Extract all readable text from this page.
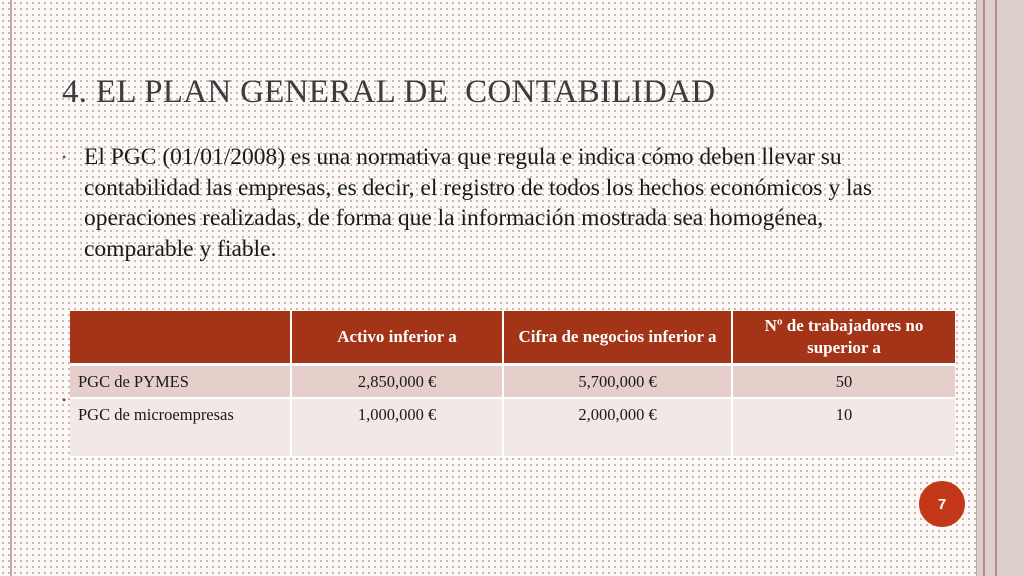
4. EL PLAN GENERAL DE  CONTABILIDAD
• El PGC (01/01/2008) es una normativa que regula e indica cómo deben llevar su contabilidad las empresas, es decir, el registro de todos los hechos económicos y las operaciones realizadas, de forma que la información mostrada sea homogénea, comparable y fiable.

•
	Activo inferior a	Cifra de negocios inferior a	Nº de trabajadores no superior a
PGC de PYMES	2,850,000 €	5,700,000 €	50
PGC de microempresas	1,000,000 €	2,000,000 €	10
7
